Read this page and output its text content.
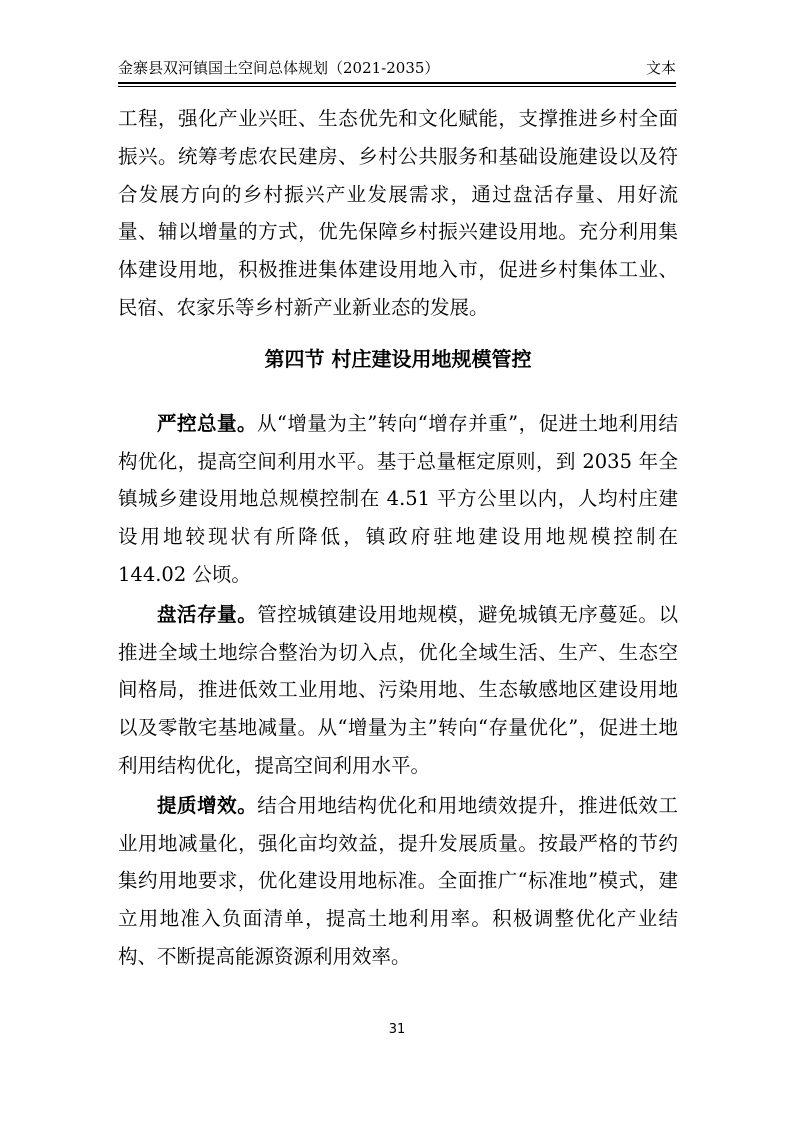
金寨县双河镇国土空间总体规划（2021-2035）	文本

工程，强化产业兴旺、生态优先和文化赋能，支撑推进乡村全面振兴。统筹考虑农民建房、乡村公共服务和基础设施建设以及符合发展方向的乡村振兴产业发展需求，通过盘活存量、用好流量、辅以增量的方式，优先保障乡村振兴建设用地。充分利用集体建设用地，积极推进集体建设用地入市，促进乡村集体工业、民宿、农家乐等乡村新产业新业态的发展。

第四节 村庄建设用地规模管控

严控总量。从“增量为主”转向“增存并重”，促进土地利用结构优化，提高空间利用水平。基于总量框定原则，到 2035 年全镇城乡建设用地总规模控制在 4.51 平方公里以内，人均村庄建设用地较现状有所降低，镇政府驻地建设用地规模控制在 144.02 公顷。

盘活存量。管控城镇建设用地规模，避免城镇无序蔓延。以推进全域土地综合整治为切入点，优化全域生活、生产、生态空间格局，推进低效工业用地、污染用地、生态敏感地区建设用地以及零散宅基地减量。从“增量为主”转向“存量优化”，促进土地利用结构优化，提高空间利用水平。

提质增效。结合用地结构优化和用地绩效提升，推进低效工业用地减量化，强化亩均效益，提升发展质量。按最严格的节约集约用地要求，优化建设用地标准。全面推广“标准地”模式，建立用地准入负面清单，提高土地利用率。积极调整优化产业结构、不断提高能源资源利用效率。

31
